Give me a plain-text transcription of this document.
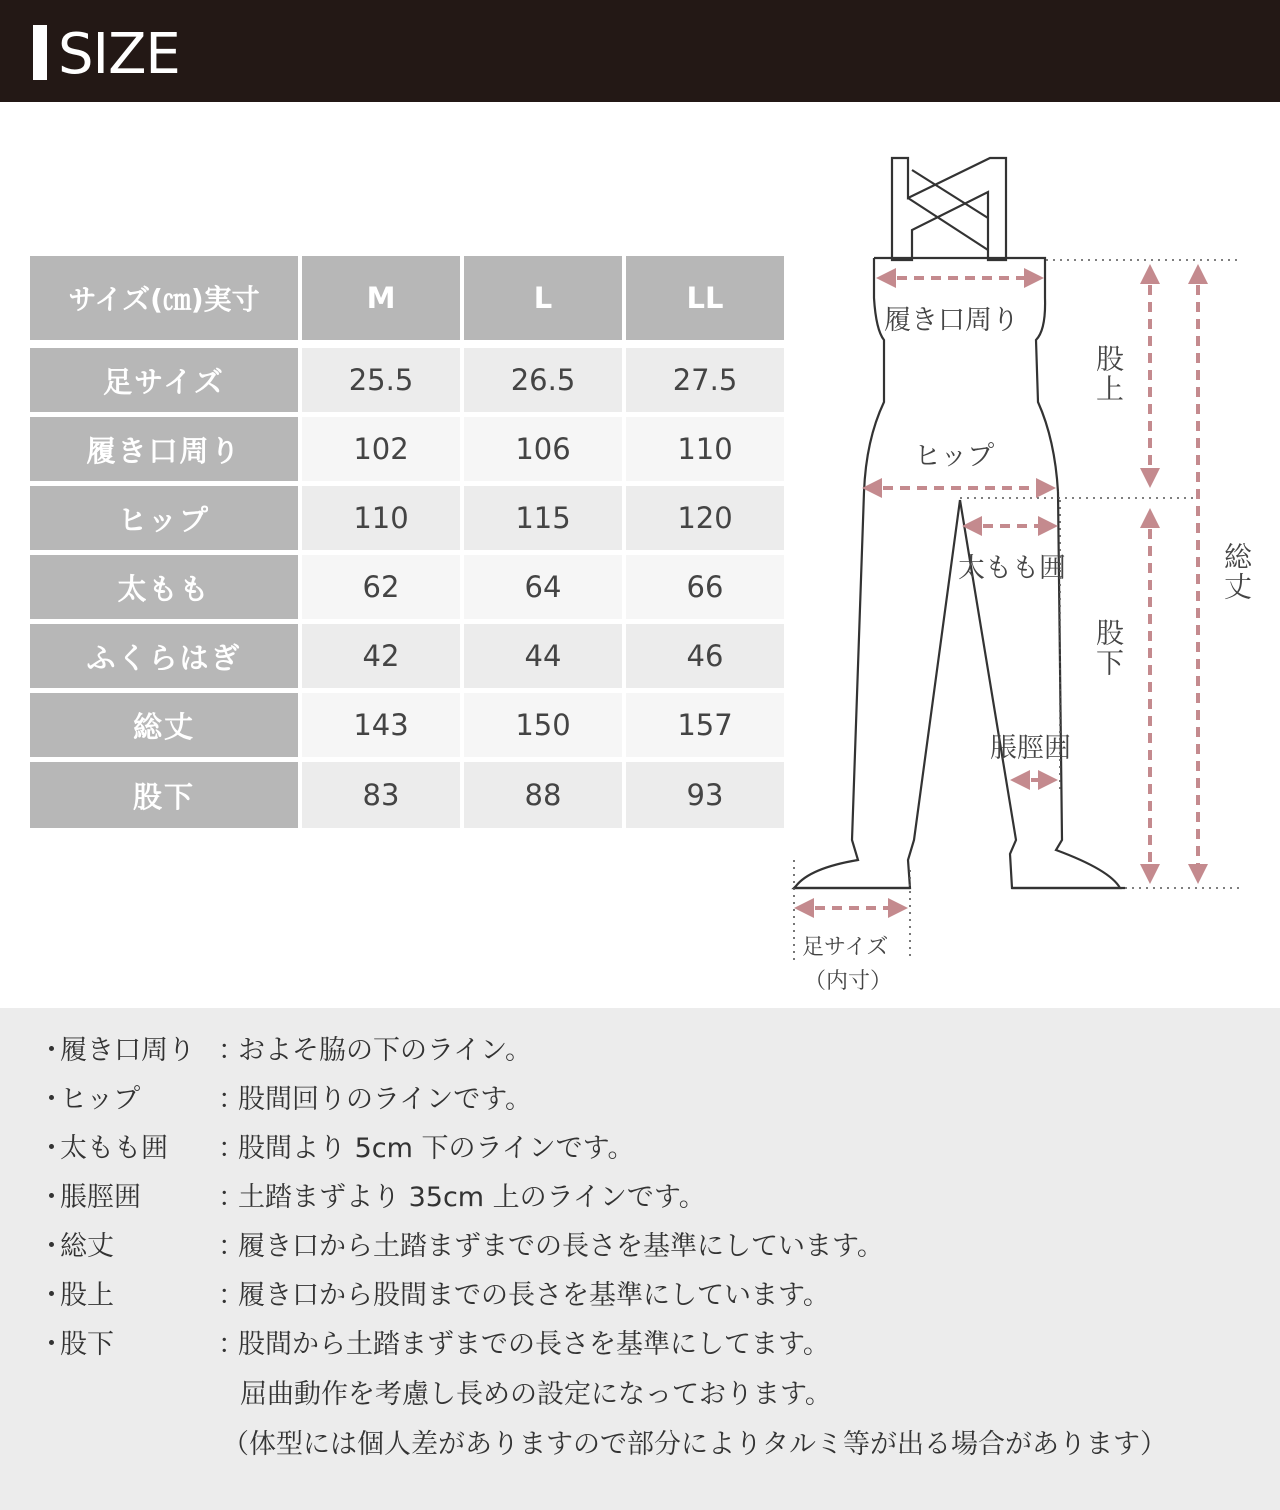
SIZE
サイズ(㎝)実寸	M	L	LL
足サイズ	25.5	26.5	27.5
履き口周り	102	106	110
ヒップ	110	115	120
太もも	62	64	66
ふくらはぎ	42	44	46
総丈	143	150	157
股下	83	88	93
履き口周り
ヒップ
太もも囲
脹脛囲
股上
股下
総丈
足サイズ
（内寸）
・
履き口周り ：
およそ脇の下のライン。
・
ヒップ	：
股間回りのラインです。
・
太もも囲 ：
股間より 5cm 下のラインです。
・
脹脛囲	：
土踏まずより 35cm 上のラインです。
・
総丈	：
履き口から土踏まずまでの長さを基準にしています。
・
股上	：
履き口から股間までの長さを基準にしています。
・
股下	：
股間から土踏まずまでの長さを基準にしてます。
屈曲動作を考慮し長めの設定になっております。
（体型には個人差がありますので部分によりタルミ等が出る場合があります）
